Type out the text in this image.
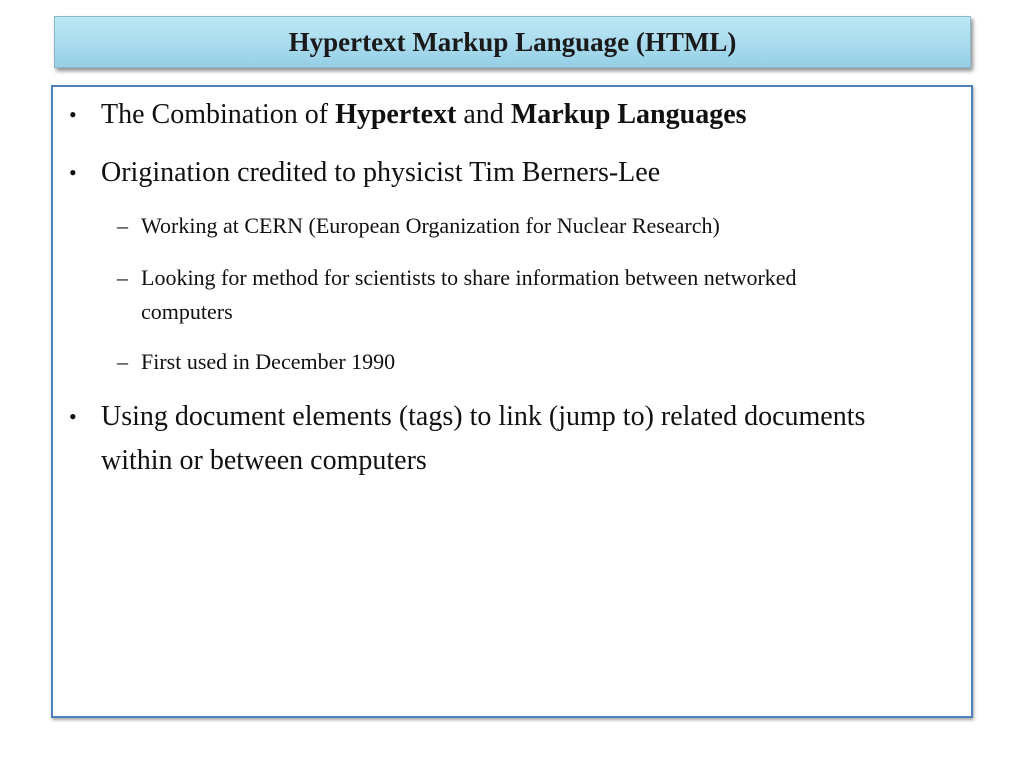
Hypertext Markup Language (HTML)
• The Combination of Hypertext and Markup Languages
• Origination credited to physicist Tim Berners-Lee
– Working at CERN (European Organization for Nuclear Research)
– Looking for method for scientists to share information between networked computers
– First used in December 1990
• Using document elements (tags) to link (jump to) related documents within or between computers
